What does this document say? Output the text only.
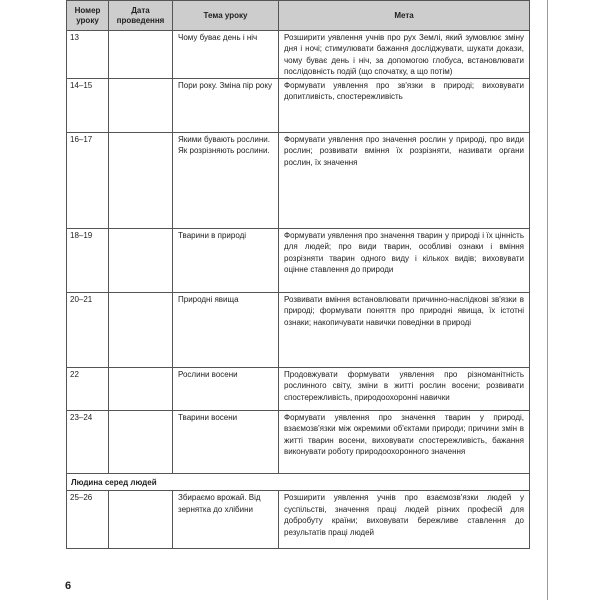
Номер уроку	Дата проведення	Тема уроку	Мета
13		Чому буває день і ніч	Розширити уявлення учнів про рух Землі, який зумовлює зміну дня і ночі; стимулювати бажання досліджувати, шукати докази, чому буває день і ніч, за допомогою глобуса, встановлювати послідовність подій (що спочатку, а що потім)
14–15		Пори року. Зміна пір року	Формувати уявлення про зв'язки в природі; виховувати допитливість, спостережливість
16–17		Якими бувають рослини. Як розрізняють рослини.	Формувати уявлення про значення рослин у природі, про види рослин; розвивати вміння їх розрізняти, називати органи рослин, їх значення
18–19		Тварини в природі	Формувати уявлення про значення тварин у природі і їх цінність для людей; про види тварин, особливі ознаки і вміння розрізняти тварин одного виду і кількох видів; виховувати оцінне ставлення до природи
20–21		Природні явища	Розвивати вміння встановлювати причинно-наслідкові зв'язки в природі; формувати поняття про природні явища, їх істотні ознаки; накопичувати навички поведінки в природі
22		Рослини восени	Продовжувати формувати уявлення про різноманітність рослинного світу, зміни в житті рослин восени; розвивати спостережливість, природоохоронні навички
23–24		Тварини восени	Формувати уявлення про значення тварин у природі, взаємозв'язки між окремими об'єктами природи; причини змін в житті тварин восени, виховувати спостережливість, бажання виконувати роботу природоохоронного значення
Людина серед людей			
25–26		Збираємо врожай. Від зернятка до хлібини	Розширити уявлення учнів про взаємозв'язки людей у суспільстві, значення праці людей різних професій для добробуту країни; виховувати бережливе ставлення до результатів праці людей
6
